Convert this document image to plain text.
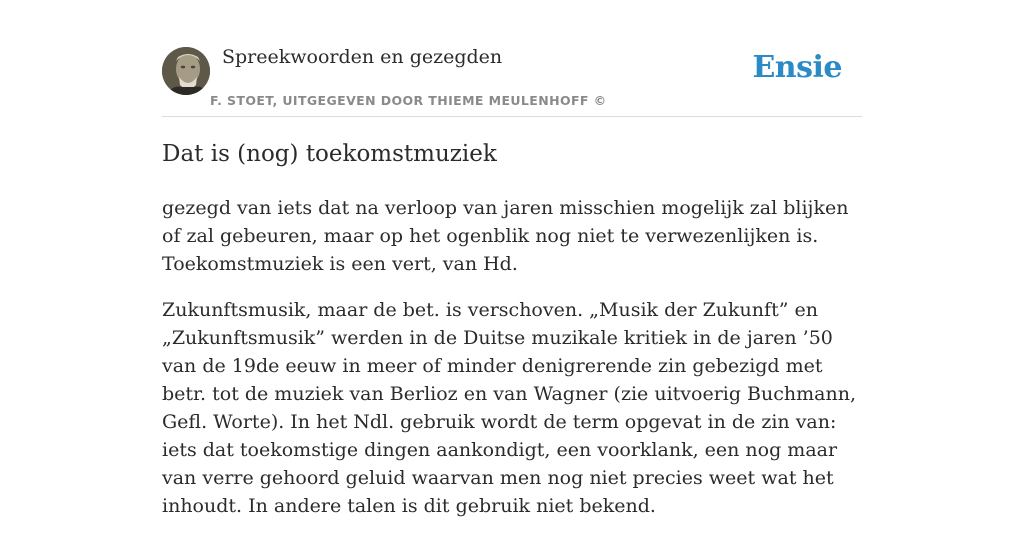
Spreekwoorden en gezegden
F. STOET, UITGEGEVEN DOOR THIEME MEULENHOFF ©
Ensie
Dat is (nog) toekomstmuziek

gezegd van iets dat na verloop van jaren misschien mogelijk zal blijken of zal gebeuren, maar op het ogenblik nog niet te verwezenlijken is. Toekomstmuziek is een vert, van Hd.

Zukunftsmusik, maar de bet. is verschoven. „Musik der Zukunft” en „Zukunftsmusik” werden in de Duitse muzikale kritiek in de jaren ’50 van de 19de eeuw in meer of minder denigrerende zin gebezigd met betr. tot de muziek van Berlioz en van Wagner (zie uitvoerig Buchmann, Gefl. Worte). In het Ndl. gebruik wordt de term opgevat in de zin van: iets dat toekomstige dingen aankondigt, een voorklank, een nog maar van verre gehoord geluid waarvan men nog niet precies weet wat het inhoudt. In andere talen is dit gebruik niet bekend.
